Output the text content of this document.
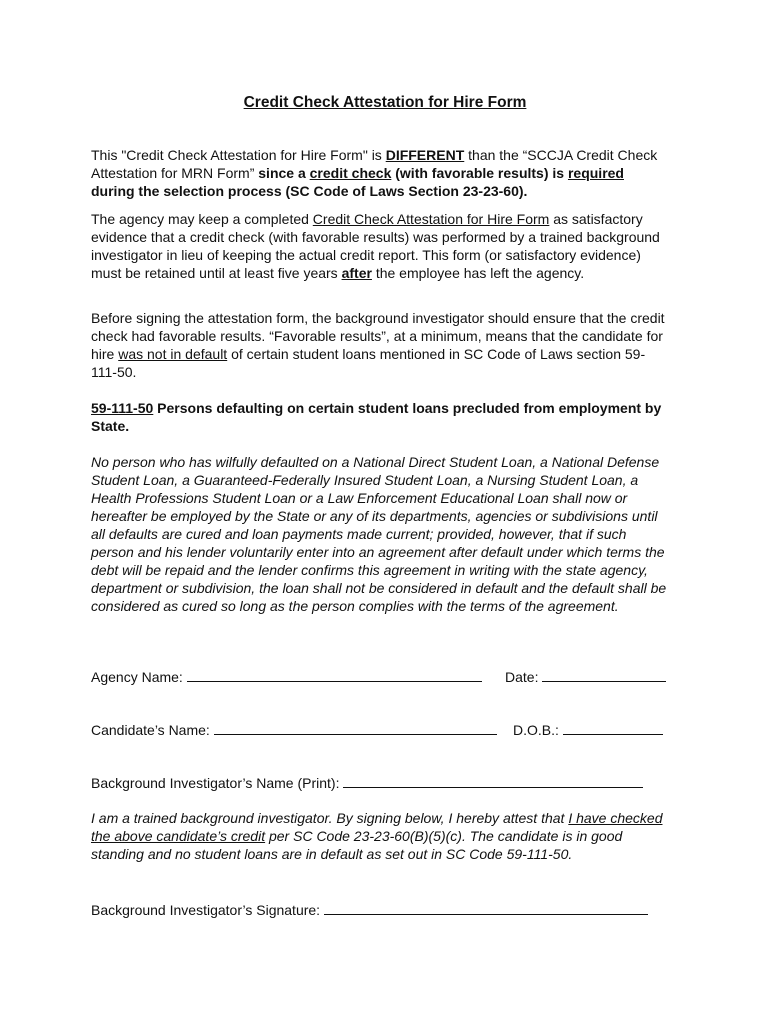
Credit Check Attestation for Hire Form

This "Credit Check Attestation for Hire Form" is DIFFERENT than the “SCCJA Credit Check Attestation for MRN Form” since a credit check (with favorable results) is required during the selection process (SC Code of Laws Section 23-23-60).

The agency may keep a completed Credit Check Attestation for Hire Form as satisfactory evidence that a credit check (with favorable results) was performed by a trained background investigator in lieu of keeping the actual credit report. This form (or satisfactory evidence) must be retained until at least five years after the employee has left the agency.

Before signing the attestation form, the background investigator should ensure that the credit check had favorable results. “Favorable results”, at a minimum, means that the candidate for hire was not in default of certain student loans mentioned in SC Code of Laws section 59-111-50.

59-111-50 Persons defaulting on certain student loans precluded from employment by State.

No person who has wilfully defaulted on a National Direct Student Loan, a National Defense Student Loan, a Guaranteed-Federally Insured Student Loan, a Nursing Student Loan, a Health Professions Student Loan or a Law Enforcement Educational Loan shall now or hereafter be employed by the State or any of its departments, agencies or subdivisions until all defaults are cured and loan payments made current; provided, however, that if such person and his lender voluntarily enter into an agreement after default under which terms the debt will be repaid and the lender confirms this agreement in writing with the state agency, department or subdivision, the loan shall not be considered in default and the default shall be considered as cured so long as the person complies with the terms of the agreement.

Agency Name:	Date:
Candidate’s Name:	D.O.B.:
Background Investigator’s Name (Print):

I am a trained background investigator. By signing below, I hereby attest that I have checked the above candidate’s credit per SC Code 23-23-60(B)(5)(c). The candidate is in good standing and no student loans are in default as set out in SC Code 59-111-50.

Background Investigator’s Signature:
